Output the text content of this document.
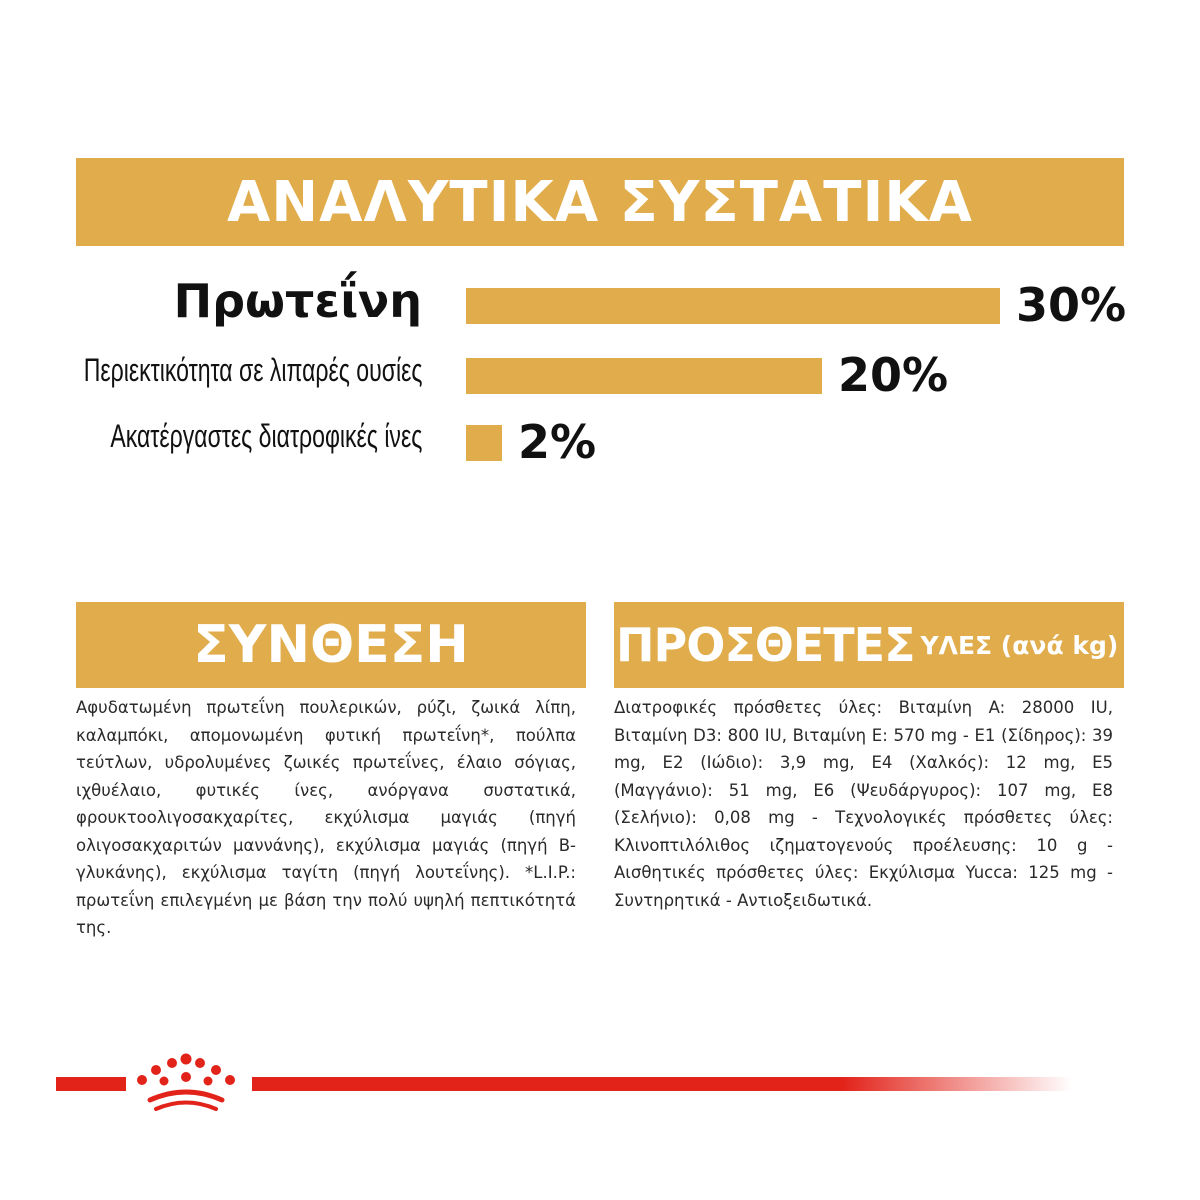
ΑΝΑΛΥΤΙΚΑ ΣΥΣΤΑΤΙΚΑ
Πρωτεΐνη	30%
Περιεκτικότητα σε λιπαρές ουσίες	20%
Ακατέργαστες διατροφικές ίνες 2%
ΣΥΝΘΕΣΗ

Αφυδατωμένη πρωτεΐνη πουλερικών, ρύζι, ζωικά λίπη, καλαμπόκι, απομονωμένη φυτική πρωτεΐνη*, πούλπα τεύτλων, υδρολυμένες ζωικές πρωτεΐνες, έλαιο σόγιας, ιχθυέλαιο, φυτικές ίνες, ανόργανα συστατικά, φρουκτοολιγοσακχαρίτες, εκχύλισμα μαγιάς (πηγή ολιγοσακχαριτών μαννάνης), εκχύλισμα μαγιάς (πηγή Β-γλυκάνης), εκχύλισμα ταγίτη (πηγή λουτεΐνης). *L.I.P.: πρωτεΐνη επιλεγμένη με βάση την πολύ υψηλή πεπτικότητά της.

ΠΡΟΣΘΕΤΕΣ ΥΛΕΣ (ανά kg)

Διατροφικές πρόσθετες ύλες: Βιταμίνη A: 28000 IU, Βιταμίνη D3: 800 IU, Βιταμίνη E: 570 mg - E1 (Σίδηρος): 39 mg, E2 (Ιώδιο): 3,9 mg, E4 (Χαλκός): 12 mg, E5 (Μαγγάνιο): 51 mg, E6 (Ψευδάργυρος): 107 mg, E8 (Σελήνιο): 0,08 mg - Τεχνολογικές πρόσθετες ύλες: Κλινοπτιλόλιθος ιζηματογενούς προέλευσης: 10 g - Αισθητικές πρόσθετες ύλες: Εκχύλισμα Yucca: 125 mg - Συντηρητικά - Αντιοξειδωτικά.
